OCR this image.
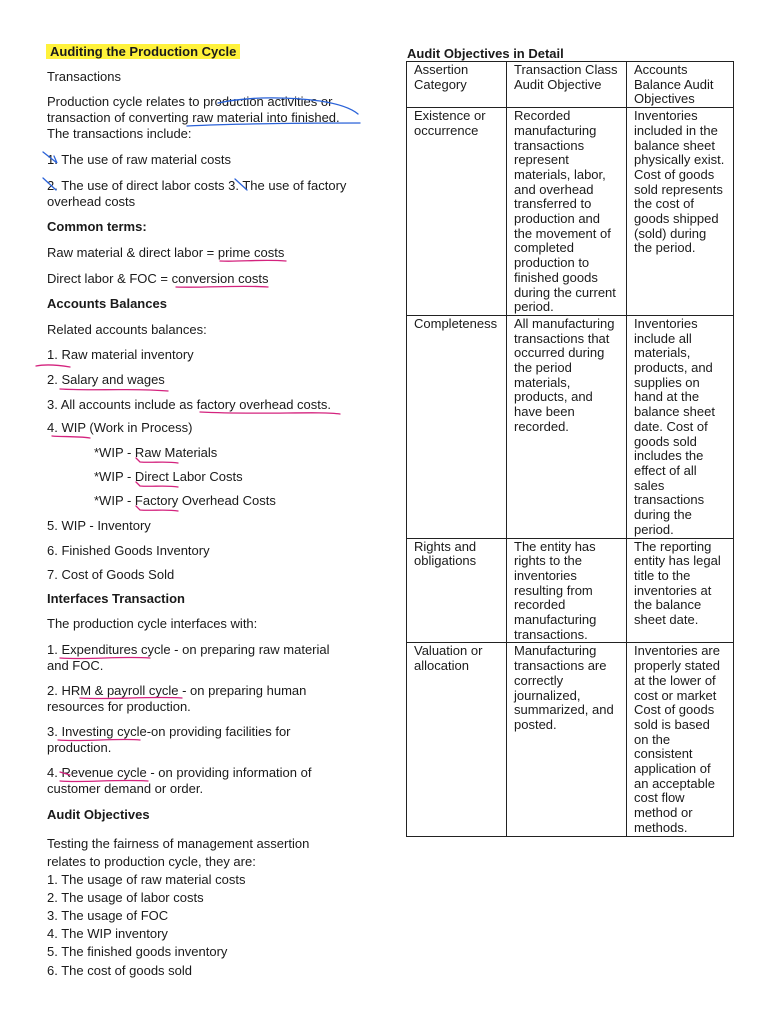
Auditing the Production Cycle
Transactions
Production cycle relates to production activities or transaction of converting raw material into finished. The transactions include:
1. The use of raw material costs
2. The use of direct labor costs 3. The use of factory overhead costs
Common terms:
Raw material & direct labor = prime costs
Direct labor & FOC = conversion costs
Accounts Balances
Related accounts balances:
1. Raw material inventory
2. Salary and wages
3. All accounts include as factory overhead costs.
4. WIP (Work in Process)
*WIP - Raw Materials
*WIP - Direct Labor Costs
*WIP - Factory Overhead Costs
5. WIP - Inventory
6. Finished Goods Inventory
7. Cost of Goods Sold
Interfaces Transaction
The production cycle interfaces with:
1. Expenditures cycle - on preparing raw material and FOC.
2. HRM & payroll cycle - on preparing human resources for production.
3. Investing cycle-on providing facilities for production.
4. Revenue cycle - on providing information of customer demand or order.
Audit Objectives
Testing the fairness of management assertion relates to production cycle, they are:
1. The usage of raw material costs
2. The usage of labor costs
3. The usage of FOC
4. The WIP inventory
5. The finished goods inventory
6. The cost of goods sold
Audit Objectives in Detail
Assertion Category	Transaction Class Audit Objective	Accounts Balance Audit Objectives
Existence or occurrence	Recorded manufacturing transactions represent materials, labor, and overhead transferred to production and the movement of completed production to finished goods during the current period.	Inventories included in the balance sheet physically exist. Cost of goods sold represents the cost of goods shipped (sold) during the period.
Completeness	All manufacturing transactions that occurred during the period materials, products, and have been recorded.	Inventories include all materials, products, and supplies on hand at the balance sheet date. Cost of goods sold includes the effect of all sales transactions during the period.
Rights and obligations	The entity has rights to the inventories resulting from recorded manufacturing transactions.	The reporting entity has legal title to the inventories at the balance sheet date.
Valuation or allocation	Manufacturing transactions are correctly journalized, summarized, and posted.	Inventories are properly stated at the lower of cost or market Cost of goods sold is based on the consistent application of an acceptable cost flow method or methods.
